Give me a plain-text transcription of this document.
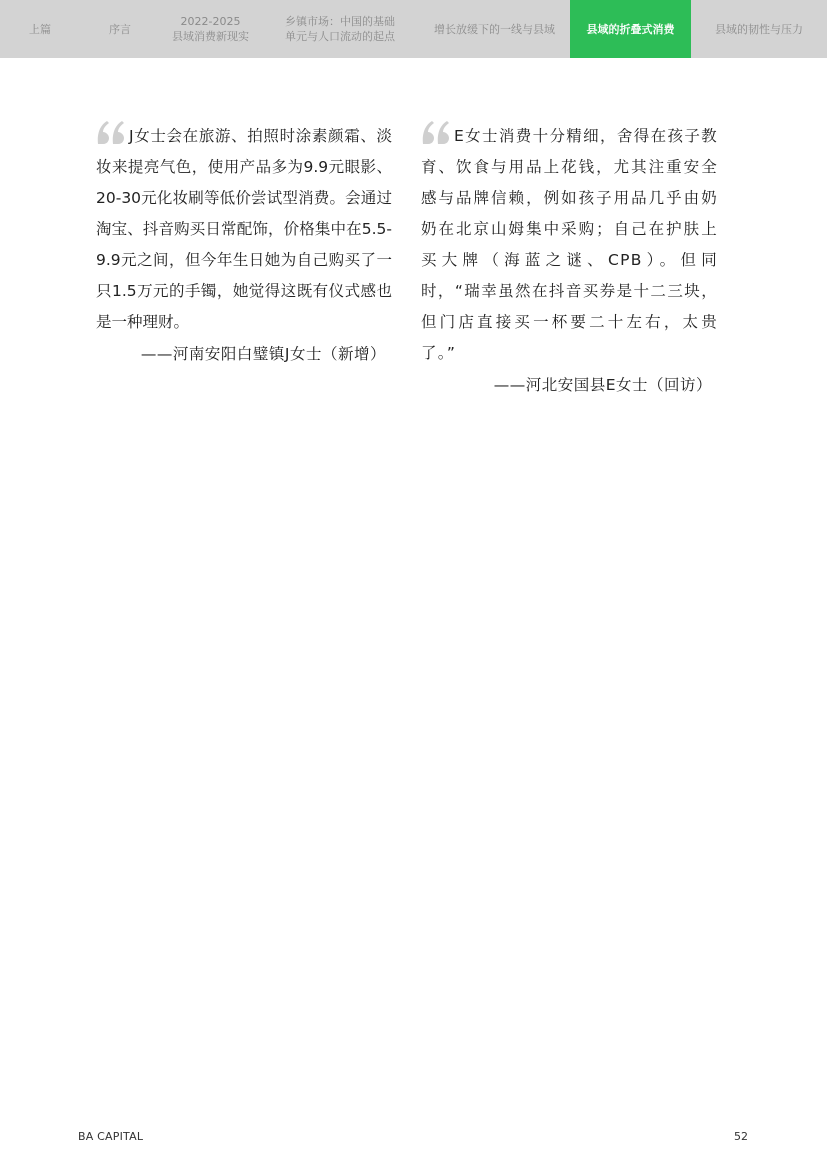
上篇	序言
2022-2025
县域消费新现实
乡镇市场：中国的基础
单元与人口流动的起点
增长放缓下的一线与县域	县域的折叠式消费	县域的韧性与压力
J女士会在旅游、拍照时涂素颜霜、淡妆来提亮气色，使用产品多为9.9元眼影、20-30元化妆刷等低价尝试型消费。会通过淘宝、抖音购买日常配饰，价格集中在5.5-9.9元之间，但今年生日她为自己购买了一只1.5万元的手镯，她觉得这既有仪式感也是一种理财。
——河南安阳白璧镇J女士（新增）
E女士消费十分精细，舍得在孩子教育、饮食与用品上花钱，尤其注重安全感与品牌信赖，例如孩子用品几乎由奶奶在北京山姆集中采购；自己在护肤上买大牌（海蓝之谜、CPB）。但同时，“瑞幸虽然在抖音买券是十二三块，但门店直接买一杯要二十左右，太贵了。”
——河北安国县E女士（回访）
BA CAPITAL	52
